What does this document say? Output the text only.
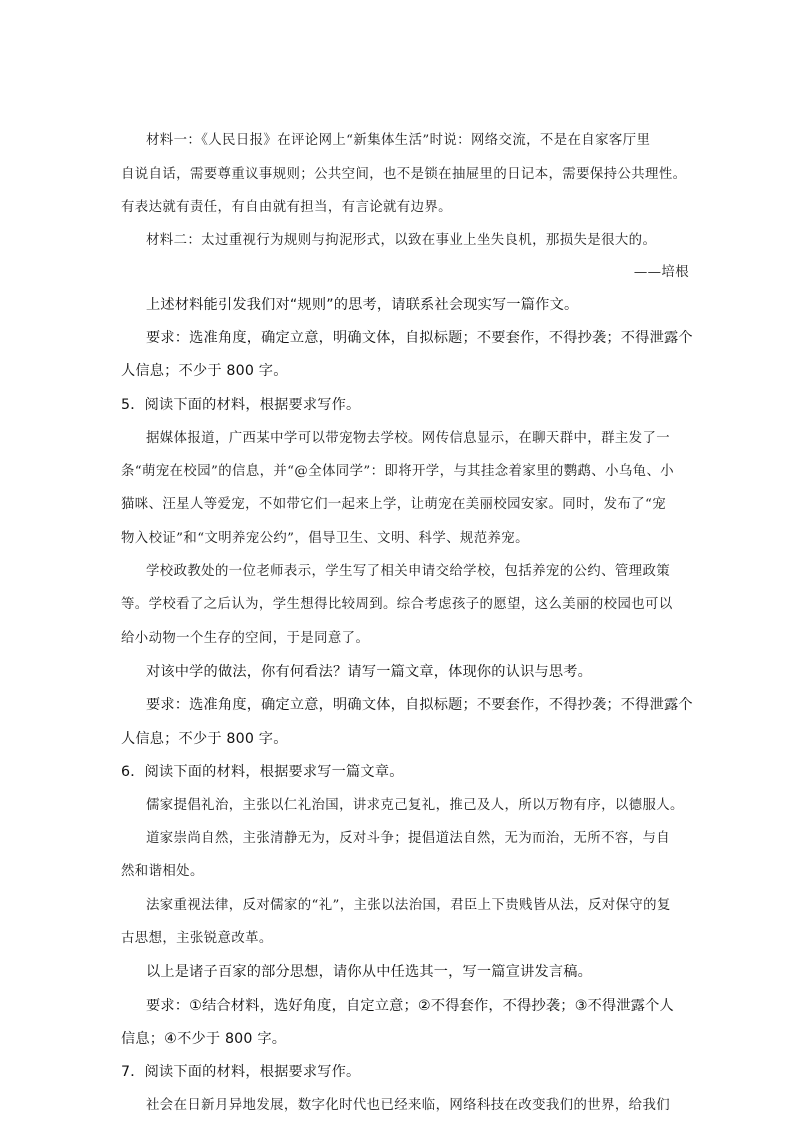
材料一：《人民日报》在评论网上“新集体生活”时说：网络交流，不是在自家客厅里
自说自话，需要尊重议事规则；公共空间，也不是锁在抽屉里的日记本，需要保持公共理性。
有表达就有责任，有自由就有担当，有言论就有边界。
材料二：太过重视行为规则与拘泥形式，以致在事业上坐失良机，那损失是很大的。
——培根
上述材料能引发我们对“规则”的思考，请联系社会现实写一篇作文。
要求：选准角度，确定立意，明确文体，自拟标题；不要套作，不得抄袭；不得泄露个
人信息；不少于 800 字。
5．阅读下面的材料，根据要求写作。
据媒体报道，广西某中学可以带宠物去学校。网传信息显示，在聊天群中，群主发了一
条“萌宠在校园”的信息，并“@全体同学”：即将开学，与其挂念着家里的鹦鹉、小乌龟、小
猫咪、汪星人等爱宠，不如带它们一起来上学，让萌宠在美丽校园安家。同时，发布了“宠
物入校证”和“文明养宠公约”，倡导卫生、文明、科学、规范养宠。
学校政教处的一位老师表示，学生写了相关申请交给学校，包括养宠的公约、管理政策
等。学校看了之后认为，学生想得比较周到。综合考虑孩子的愿望，这么美丽的校园也可以
给小动物一个生存的空间，于是同意了。
对该中学的做法，你有何看法？请写一篇文章，体现你的认识与思考。
要求：选准角度，确定立意，明确文体，自拟标题；不要套作，不得抄袭；不得泄露个
人信息；不少于 800 字。
6．阅读下面的材料，根据要求写一篇文章。
儒家提倡礼治，主张以仁礼治国，讲求克己复礼，推己及人，所以万物有序，以德服人。
道家崇尚自然，主张清静无为，反对斗争；提倡道法自然，无为而治，无所不容，与自
然和谐相处。
法家重视法律，反对儒家的“礼”，主张以法治国，君臣上下贵贱皆从法，反对保守的复
古思想，主张锐意改革。
以上是诸子百家的部分思想，请你从中任选其一，写一篇宣讲发言稿。
要求：①结合材料，选好角度，自定立意；②不得套作，不得抄袭；③不得泄露个人
信息；④不少于 800 字。
7．阅读下面的材料，根据要求写作。
社会在日新月异地发展，数字化时代也已经来临，网络科技在改变我们的世界，给我们
